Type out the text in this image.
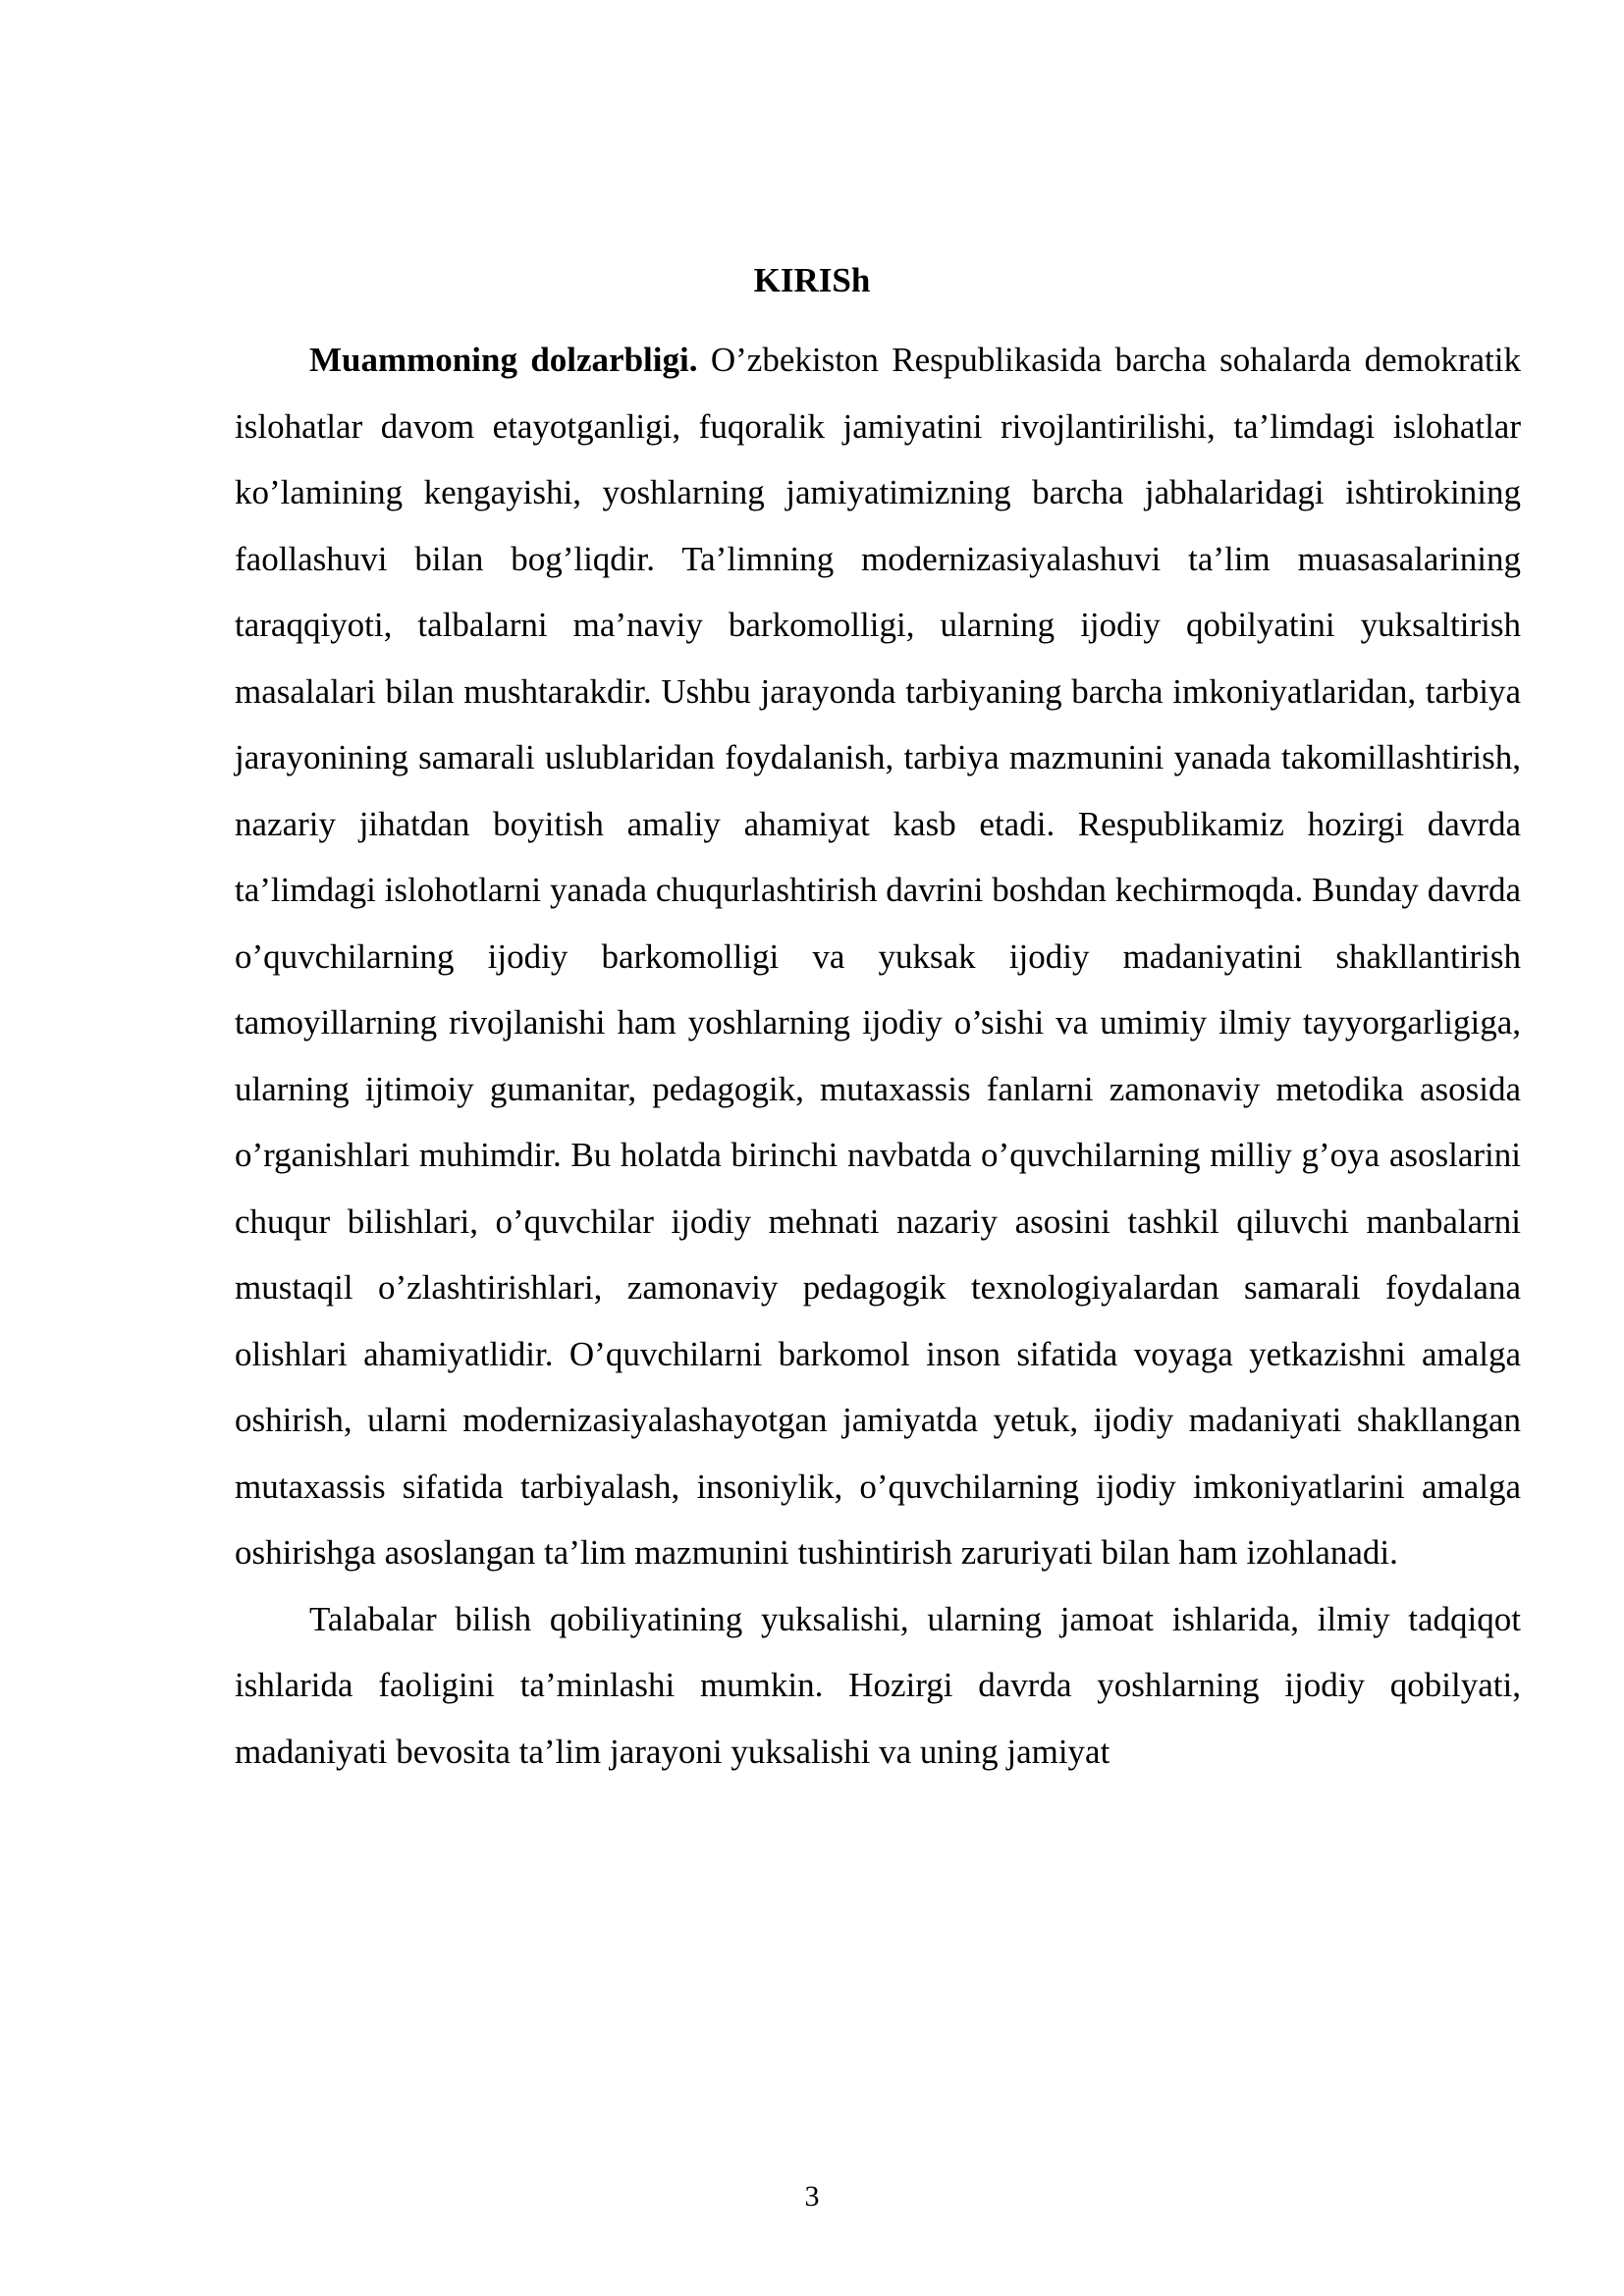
KIRISh

Muammoning dolzarbligi. O’zbekiston Respublikasida barcha sohalarda demokratik islohatlar davom etayotganligi, fuqoralik jamiyatini rivojlantirilishi, ta’limdagi islohatlar ko’lamining kengayishi, yoshlarning jamiyatimizning barcha jabhalaridagi ishtirokining faollashuvi bilan bog’liqdir. Ta’limning modernizasiyalashuvi ta’lim muasasalarining taraqqiyoti, talbalarni ma’naviy barkomolligi, ularning ijodiy qobilyatini yuksaltirish masalalari bilan mushtarakdir. Ushbu jarayonda tarbiyaning barcha imkoniyatlaridan, tarbiya jarayonining samarali uslublaridan foydalanish, tarbiya mazmunini yanada takomillashtirish, nazariy jihatdan boyitish amaliy ahamiyat kasb etadi. Respublikamiz hozirgi davrda ta’limdagi islohotlarni yanada chuqurlashtirish davrini boshdan kechirmoqda. Bunday davrda o’quvchilarning ijodiy barkomolligi va yuksak ijodiy madaniyatini shakllantirish tamoyillarning rivojlanishi ham yoshlarning ijodiy o’sishi va umimiy ilmiy tayyorgarligiga, ularning ijtimoiy gumanitar, pedagogik, mutaxassis fanlarni zamonaviy metodika asosida o’rganishlari muhimdir. Bu holatda birinchi navbatda o’quvchilarning milliy g’oya asoslarini chuqur bilishlari, o’quvchilar ijodiy mehnati nazariy asosini tashkil qiluvchi manbalarni mustaqil o’zlashtirishlari, zamonaviy pedagogik texnologiyalardan samarali foydalana olishlari ahamiyatlidir. O’quvchilarni barkomol inson sifatida voyaga yetkazishni amalga oshirish, ularni modernizasiyalashayotgan jamiyatda yetuk, ijodiy madaniyati shakllangan mutaxassis sifatida tarbiyalash, insoniylik, o’quvchilarning ijodiy imkoniyatlarini amalga oshirishga asoslangan ta’lim mazmunini tushintirish zaruriyati bilan ham izohlanadi.

Talabalar bilish qobiliyatining yuksalishi, ularning jamoat ishlarida, ilmiy tadqiqot ishlarida faoligini ta’minlashi mumkin. Hozirgi davrda yoshlarning ijodiy qobilyati, madaniyati bevosita ta’lim jarayoni yuksalishi va uning jamiyat

3
